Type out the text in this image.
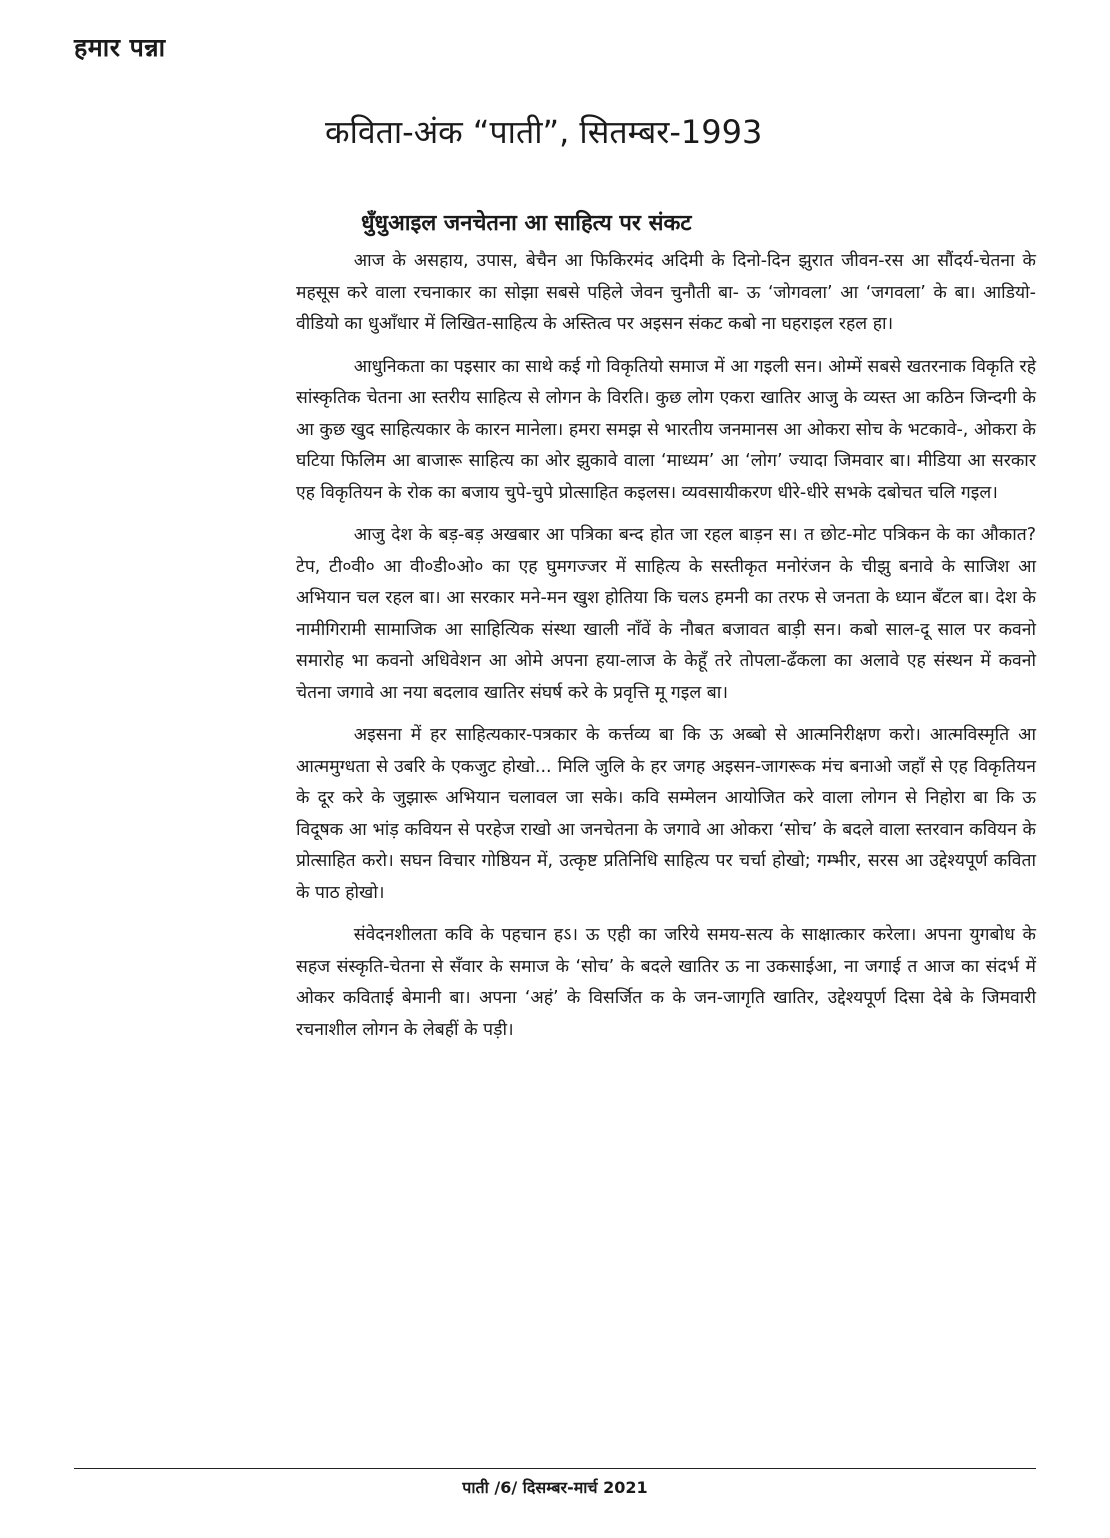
हमार पन्ना
कविता-अंक “पाती”, सितम्बर-1993
धुँधुआइल जनचेतना आ साहित्य पर संकट

आज के असहाय, उपास, बेचैन आ फिकिरमंद अदिमी के दिनो-दिन झुरात जीवन-रस आ सौंदर्य-चेतना के महसूस करे वाला रचनाकार का सोझा सबसे पहिले जेवन चुनौती बा- ऊ ‘जोगवला’ आ ‘जगवला’ के बा। आडियो-वीडियो का धुआँधार में लिखित-साहित्य के अस्तित्व पर अइसन संकट कबो ना घहराइल रहल हा।

आधुनिकता का पइसार का साथे कई गो विकृतियो समाज में आ गइली सन। ओम्में सबसे खतरनाक विकृति रहे सांस्कृतिक चेतना आ स्तरीय साहित्य से लोगन के विरति। कुछ लोग एकरा खातिर आजु के व्यस्त आ कठिन जिन्दगी के आ कुछ खुद साहित्यकार के कारन मानेला। हमरा समझ से भारतीय जनमानस आ ओकरा सोच के भटकावे-, ओकरा के घटिया फिलिम आ बाजारू साहित्य का ओर झुकावे वाला ‘माध्यम’ आ ‘लोग’ ज्यादा जिमवार बा। मीडिया आ सरकार एह विकृतियन के रोक का बजाय चुपे-चुपे प्रोत्साहित कइलस। व्यवसायीकरण धीरे-धीरे सभके दबोचत चलि गइल।

आजु देश के बड़-बड़ अखबार आ पत्रिका बन्द होत जा रहल बाड़न स। त छोट-मोट पत्रिकन के का औकात? टेप, टी०वी० आ वी०डी०ओ० का एह घुमगज्जर में साहित्य के सस्तीकृत मनोरंजन के चीझु बनावे के साजिश आ अभियान चल रहल बा। आ सरकार मने-मन खुश होतिया कि चलऽ हमनी का तरफ से जनता के ध्यान बँटल बा। देश के नामीगिरामी सामाजिक आ साहित्यिक संस्था खाली नाँवें के नौबत बजावत बाड़ी सन। कबो साल-दू साल पर कवनो समारोह भा कवनो अधिवेशन आ ओमे अपना हया-लाज के केहूँ तरे तोपला-ढँकला का अलावे एह संस्थन में कवनो चेतना जगावे आ नया बदलाव खातिर संघर्ष करे के प्रवृत्ति मू गइल बा।

अइसना में हर साहित्यकार-पत्रकार के कर्त्तव्य बा कि ऊ अब्बो से आत्मनिरीक्षण करो। आत्मविस्मृति आ आत्ममुग्धता से उबरि के एकजुट होखो... मिलि जुलि के हर जगह अइसन-जागरूक मंच बनाओ जहाँ से एह विकृतियन के दूर करे के जुझारू अभियान चलावल जा सके। कवि सम्मेलन आयोजित करे वाला लोगन से निहोरा बा कि ऊ विदूषक आ भांड़ कवियन से परहेज राखो आ जनचेतना के जगावे आ ओकरा ‘सोच’ के बदले वाला स्तरवान कवियन के प्रोत्साहित करो। सघन विचार गोष्ठियन में, उत्कृष्ट प्रतिनिधि साहित्य पर चर्चा होखो; गम्भीर, सरस आ उद्देश्यपूर्ण कविता के पाठ होखो।

संवेदनशीलता कवि के पहचान हऽ। ऊ एही का जरिये समय-सत्य के साक्षात्कार करेला। अपना युगबोध के सहज संस्कृति-चेतना से सँवार के समाज के ‘सोच’ के बदले खातिर ऊ ना उकसाईआ, ना जगाई त आज का संदर्भ में ओकर कविताई बेमानी बा। अपना ‘अहं’ के विसर्जित क के जन-जागृति खातिर, उद्देश्यपूर्ण दिसा देबे के जिमवारी रचनाशील लोगन के लेबहीं के पड़ी।

पाती /6/ दिसम्बर-मार्च 2021
